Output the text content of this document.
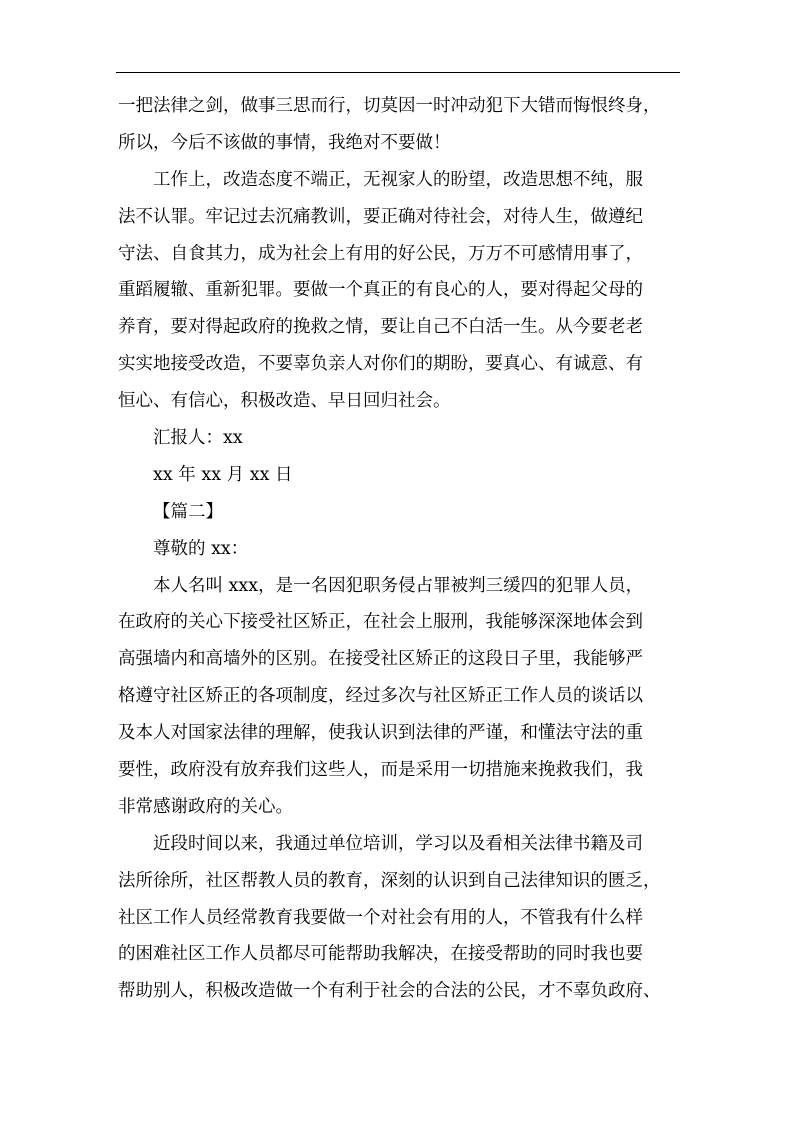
一把法律之剑，做事三思而行，切莫因一时冲动犯下大错而悔恨终身，
所以，今后不该做的事情，我绝对不要做！
工作上，改造态度不端正，无视家人的盼望，改造思想不纯，服
法不认罪。牢记过去沉痛教训，要正确对待社会，对待人生，做遵纪
守法、自食其力，成为社会上有用的好公民，万万不可感情用事了，
重蹈履辙、重新犯罪。要做一个真正的有良心的人，要对得起父母的
养育，要对得起政府的挽救之情，要让自己不白活一生。从今要老老
实实地接受改造，不要辜负亲人对你们的期盼，要真心、有诚意、有
恒心、有信心，积极改造、早日回归社会。
汇报人：xx
xx 年 xx 月 xx 日
【篇二】
尊敬的 xx：
本人名叫 xxx，是一名因犯职务侵占罪被判三缓四的犯罪人员，
在政府的关心下接受社区矫正，在社会上服刑，我能够深深地体会到
高强墙内和高墙外的区别。在接受社区矫正的这段日子里，我能够严
格遵守社区矫正的各项制度，经过多次与社区矫正工作人员的谈话以
及本人对国家法律的理解，使我认识到法律的严谨，和懂法守法的重
要性，政府没有放弃我们这些人，而是采用一切措施来挽救我们，我
非常感谢政府的关心。
近段时间以来，我通过单位培训，学习以及看相关法律书籍及司
法所徐所，社区帮教人员的教育，深刻的认识到自己法律知识的匮乏，
社区工作人员经常教育我要做一个对社会有用的人，不管我有什么样
的困难社区工作人员都尽可能帮助我解决，在接受帮助的同时我也要
帮助别人，积极改造做一个有利于社会的合法的公民，才不辜负政府、
